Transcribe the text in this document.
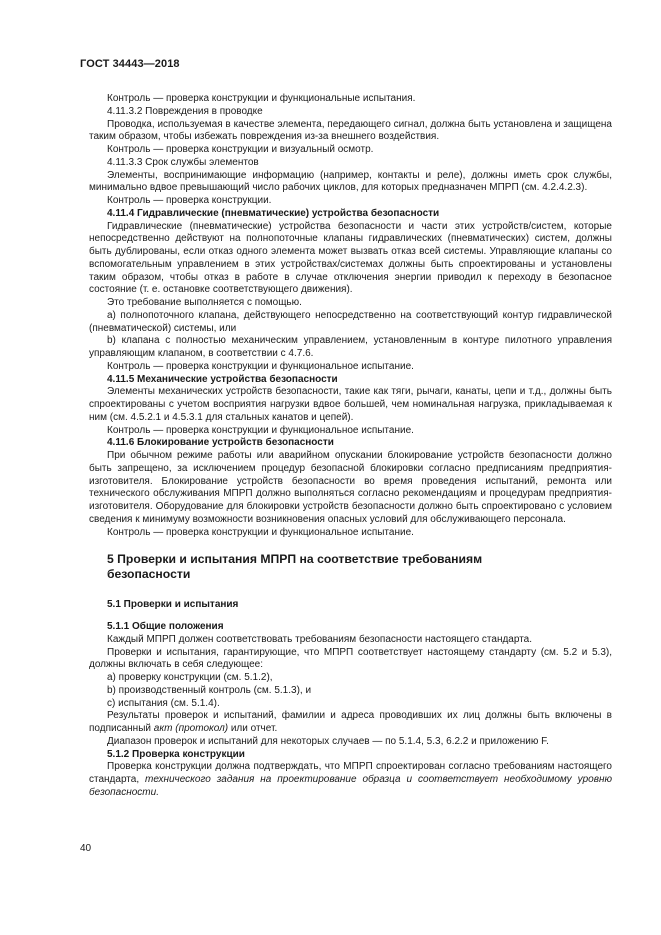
ГОСТ 34443—2018

Контроль — проверка конструкции и функциональные испытания.

4.11.3.2 Повреждения в проводке

Проводка, используемая в качестве элемента, передающего сигнал, должна быть установлена и защищена таким образом, чтобы избежать повреждения из-за внешнего воздействия.

Контроль — проверка конструкции и визуальный осмотр.

4.11.3.3 Срок службы элементов

Элементы, воспринимающие информацию (например, контакты и реле), должны иметь срок службы, минимально вдвое превышающий число рабочих циклов, для которых предназначен МПРП (см. 4.2.4.2.3).

Контроль — проверка конструкции.

4.11.4 Гидравлические (пневматические) устройства безопасности

Гидравлические (пневматические) устройства безопасности и части этих устройств/систем, которые непосредственно действуют на полнопоточные клапаны гидравлических (пневматических) систем, должны быть дублированы, если отказ одного элемента может вызвать отказ всей системы. Управляющие клапаны со вспомогательным управлением в этих устройствах/системах должны быть спроектированы и установлены таким образом, чтобы отказ в работе в случае отключения энергии приводил к переходу в безопасное состояние (т. е. остановке соответствующего движения).

Это требование выполняется с помощью.

a) полнопоточного клапана, действующего непосредственно на соответствующий контур гидравлической (пневматической) системы, или

b) клапана с полностью механическим управлением, установленным в контуре пилотного управления управляющим клапаном, в соответствии с 4.7.6.

Контроль — проверка конструкции и функциональное испытание.

4.11.5 Механические устройства безопасности

Элементы механических устройств безопасности, такие как тяги, рычаги, канаты, цепи и т.д., должны быть спроектированы с учетом восприятия нагрузки вдвое большей, чем номинальная нагрузка, прикладываемая к ним (см. 4.5.2.1 и 4.5.3.1 для стальных канатов и цепей).

Контроль — проверка конструкции и функциональное испытание.

4.11.6 Блокирование устройств безопасности

При обычном режиме работы или аварийном опускании блокирование устройств безопасности должно быть запрещено, за исключением процедур безопасной блокировки согласно предписаниям предприятия-изготовителя. Блокирование устройств безопасности во время проведения испытаний, ремонта или технического обслуживания МПРП должно выполняться согласно рекомендациям и процедурам предприятия-изготовителя. Оборудование для блокировки устройств безопасности должно быть спроектировано с условием сведения к минимуму возможности возникновения опасных условий для обслуживающего персонала.

Контроль — проверка конструкции и функциональное испытание.

5 Проверки и испытания МПРП на соответствие требованиям
безопасности
5.1 Проверки и испытания
5.1.1 Общие положения

Каждый МПРП должен соответствовать требованиям безопасности настоящего стандарта.

Проверки и испытания, гарантирующие, что МПРП соответствует настоящему стандарту (см. 5.2 и 5.3), должны включать в себя следующее:

a) проверку конструкции (см. 5.1.2),

b) производственный контроль (см. 5.1.3), и

c) испытания (см. 5.1.4).

Результаты проверок и испытаний, фамилии и адреса проводивших их лиц должны быть включены в подписанный акт (протокол) или отчет.

Диапазон проверок и испытаний для некоторых случаев — по 5.1.4, 5.3, 6.2.2 и приложению F.

5.1.2 Проверка конструкции

Проверка конструкции должна подтверждать, что МПРП спроектирован согласно требованиям настоящего стандарта, технического задания на проектирование образца и соответствует необходимому уровню безопасности.

40
